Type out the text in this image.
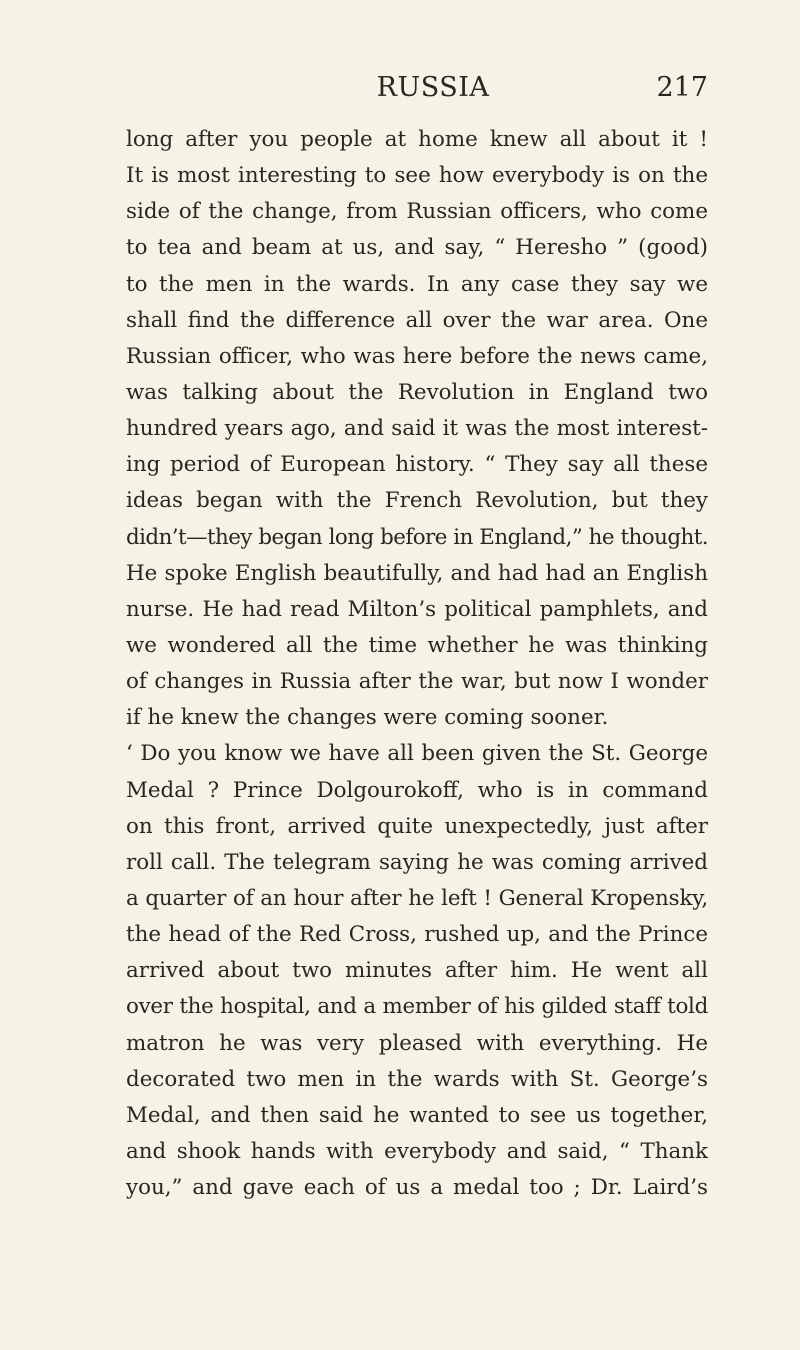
RUSSIA	217
long after you people at home knew all about it !
It is most interesting to see how everybody is on the
side of the change, from Russian officers, who come
to tea and beam at us, and say, “ Heresho ” (good)
to the men in the wards. In any case they say we
shall find the difference all over the war area. One
Russian officer, who was here before the news came,
was talking about the Revolution in England two
hundred years ago, and said it was the most interest-
ing period of European history. “ They say all these
ideas began with the French Revolution, but they
didn’t—they began long before in England,” he thought.
He spoke English beautifully, and had had an English
nurse. He had read Milton’s political pamphlets, and
we wondered all the time whether he was thinking
of changes in Russia after the war, but now I wonder
if he knew the changes were coming sooner.
‘ Do you know we have all been given the St. George
Medal ? Prince Dolgourokoff, who is in command
on this front, arrived quite unexpectedly, just after
roll call. The telegram saying he was coming arrived
a quarter of an hour after he left ! General Kropensky,
the head of the Red Cross, rushed up, and the Prince
arrived about two minutes after him. He went all
over the hospital, and a member of his gilded staff told
matron he was very pleased with everything. He
decorated two men in the wards with St. George’s
Medal, and then said he wanted to see us together,
and shook hands with everybody and said, “ Thank
you,” and gave each of us a medal too ; Dr. Laird’s
